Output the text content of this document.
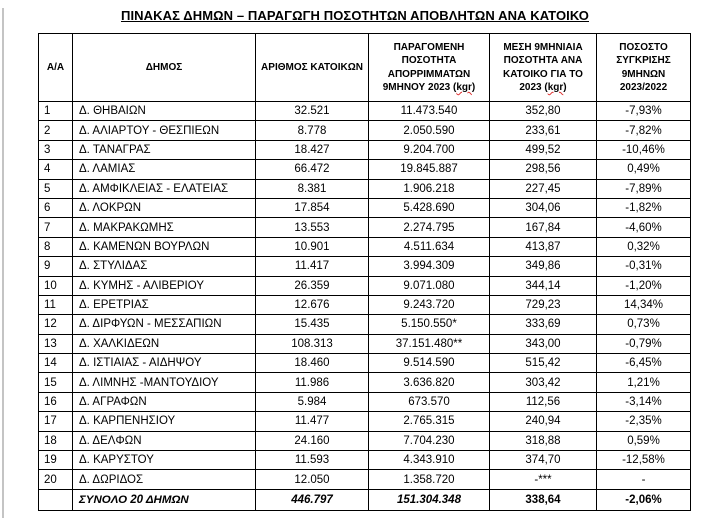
ΠΙΝΑΚΑΣ ΔΗΜΩΝ – ΠΑΡΑΓΩΓΗ ΠΟΣΟΤΗΤΩΝ ΑΠΟΒΛΗΤΩΝ ΑΝΑ ΚΑΤΟΙΚΟ
Α/Α	ΔΗΜΟΣ	ΑΡΙΘΜΟΣ ΚΑΤΟΙΚΩΝ	ΠΑΡΑΓΟΜΕΝΗ ΠΟΣΟΤΗΤΑ ΑΠΟΡΡΙΜΜΑΤΩΝ 9ΜΗΝΟΥ 2023 (kgr)	ΜΕΣΗ 9ΜΗΝΙΑΙΑ ΠΟΣΟΤΗΤΑ ΑΝΑ ΚΑΤΟΙΚΟ ΓΙΑ ΤΟ 2023 (kgr)	ΠΟΣΟΣΤΟ ΣΥΓΚΡΙΣΗΣ 9ΜΗΝΩΝ 2023/2022
1	Δ. ΘΗΒΑΙΩΝ	32.521	11.473.540	352,80	-7,93%
2	Δ. ΑΛΙΑΡΤΟΥ - ΘΕΣΠΙΕΩΝ	8.778	2.050.590	233,61	-7,82%
3	Δ. ΤΑΝΑΓΡΑΣ	18.427	9.204.700	499,52	-10,46%
4	Δ. ΛΑΜΙΑΣ	66.472	19.845.887	298,56	0,49%
5	Δ. ΑΜΦΙΚΛΕΙΑΣ - ΕΛΑΤΕΙΑΣ	8.381	1.906.218	227,45	-7,89%
6	Δ. ΛΟΚΡΩΝ	17.854	5.428.690	304,06	-1,82%
7	Δ. ΜΑΚΡΑΚΩΜΗΣ	13.553	2.274.795	167,84	-4,60%
8	Δ. ΚΑΜΕΝΩΝ ΒΟΥΡΛΩΝ	10.901	4.511.634	413,87	0,32%
9	Δ. ΣΤΥΛΙΔΑΣ	11.417	3.994.309	349,86	-0,31%
10	Δ. ΚΥΜΗΣ - ΑΛΙΒΕΡΙΟΥ	26.359	9.071.080	344,14	-1,20%
11	Δ. ΕΡΕΤΡΙΑΣ	12.676	9.243.720	729,23	14,34%
12	Δ. ΔΙΡΦΥΩΝ - ΜΕΣΣΑΠΙΩΝ	15.435	5.150.550*	333,69	0,73%
13	Δ. ΧΑΛΚΙΔΕΩΝ	108.313	37.151.480**	343,00	-0,79%
14	Δ. ΙΣΤΙΑΙΑΣ - ΑΙΔΗΨΟΥ	18.460	9.514.590	515,42	-6,45%
15	Δ. ΛΙΜΝΗΣ -ΜΑΝΤΟΥΔΙΟΥ	11.986	3.636.820	303,42	1,21%
16	Δ. ΑΓΡΑΦΩΝ	5.984	673.570	112,56	-3,14%
17	Δ. ΚΑΡΠΕΝΗΣΙΟΥ	11.477	2.765.315	240,94	-2,35%
18	Δ. ΔΕΛΦΩΝ	24.160	7.704.230	318,88	0,59%
19	Δ. ΚΑΡΥΣΤΟΥ	11.593	4.343.910	374,70	-12,58%
20	Δ. ΔΩΡΙΔΟΣ	12.050	1.358.720	-***	-
	ΣΥΝΟΛΟ 20 ΔΗΜΩΝ	446.797	151.304.348	338,64	-2,06%
